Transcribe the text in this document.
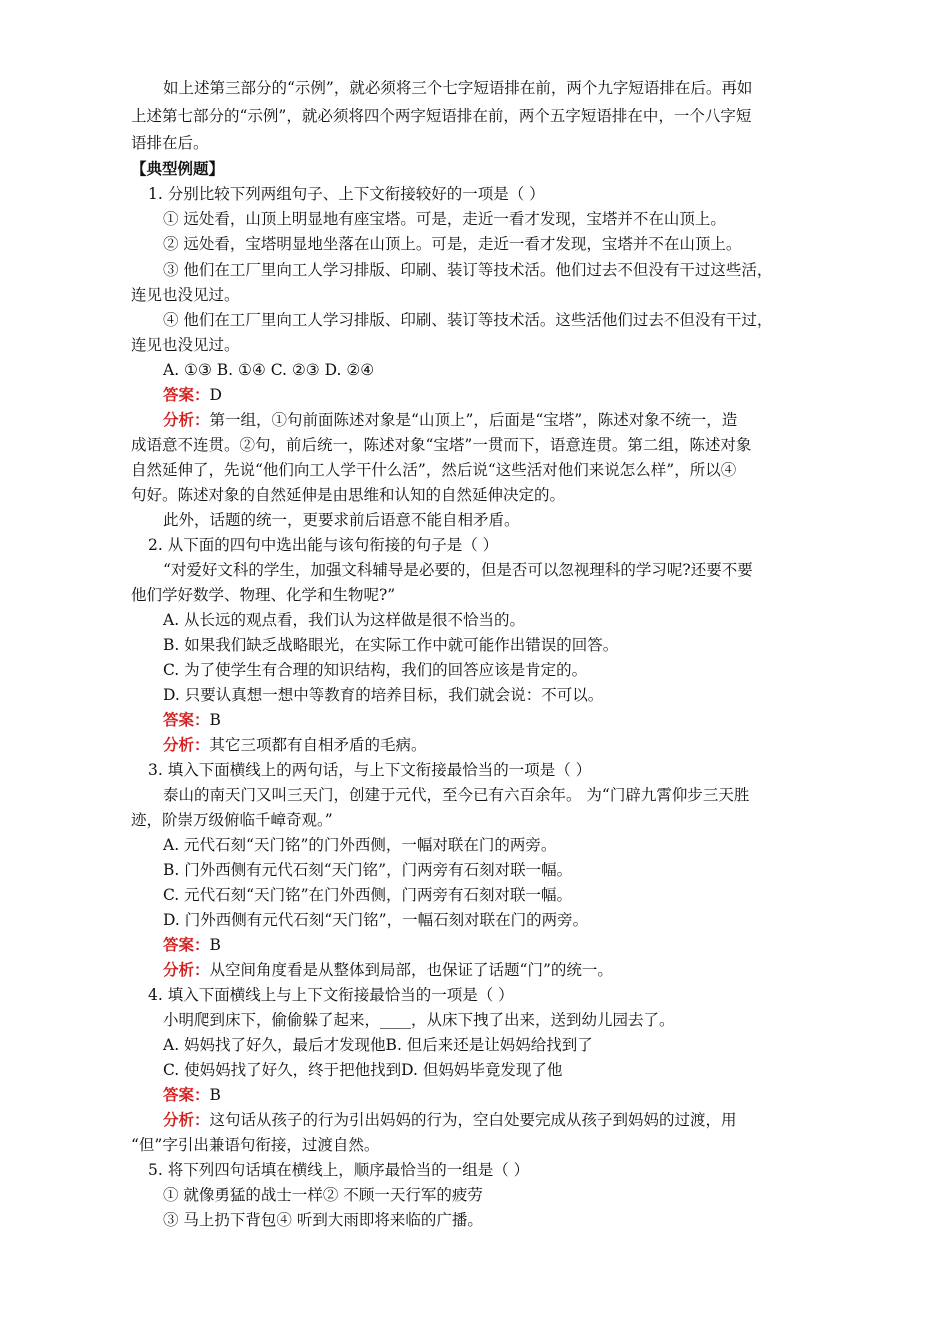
如上述第三部分的“示例”，就必须将三个七字短语排在前，两个九字短语排在后。再如
上述第七部分的“示例”，就必须将四个两字短语排在前，两个五字短语排在中，一个八字短
语排在后。
【典型例题】
1. 分别比较下列两组句子、上下文衔接较好的一项是（ ）
① 远处看，山顶上明显地有座宝塔。可是，走近一看才发现，宝塔并不在山顶上。
② 远处看，宝塔明显地坐落在山顶上。可是，走近一看才发现，宝塔并不在山顶上。
③ 他们在工厂里向工人学习排版、印刷、装订等技术活。他们过去不但没有干过这些活，
连见也没见过。
④ 他们在工厂里向工人学习排版、印刷、装订等技术活。这些活他们过去不但没有干过，
连见也没见过。
A. ①③ B. ①④ C. ②③ D. ②④
答案：D
分析：第一组，①句前面陈述对象是“山顶上”，后面是“宝塔”，陈述对象不统一，造
成语意不连贯。②句，前后统一，陈述对象“宝塔”一贯而下，语意连贯。第二组，陈述对象
自然延伸了，先说“他们向工人学干什么活”，然后说“这些活对他们来说怎么样”，所以④
句好。陈述对象的自然延伸是由思维和认知的自然延伸决定的。
此外，话题的统一，更要求前后语意不能自相矛盾。
2. 从下面的四句中选出能与该句衔接的句子是（ ）
“对爱好文科的学生，加强文科辅导是必要的，但是否可以忽视理科的学习呢?还要不要
他们学好数学、物理、化学和生物呢?”
A. 从长远的观点看，我们认为这样做是很不恰当的。
B. 如果我们缺乏战略眼光，在实际工作中就可能作出错误的回答。
C. 为了使学生有合理的知识结构，我们的回答应该是肯定的。
D. 只要认真想一想中等教育的培养目标，我们就会说：不可以。
答案：B
分析：其它三项都有自相矛盾的毛病。
3. 填入下面横线上的两句话，与上下文衔接最恰当的一项是（ ）
泰山的南天门又叫三天门，创建于元代，至今已有六百余年。 为“门辟九霄仰步三天胜
迹，阶崇万级俯临千嶂奇观。”
A. 元代石刻“天门铭”的门外西侧，一幅对联在门的两旁。
B. 门外西侧有元代石刻“天门铭”，门两旁有石刻对联一幅。
C. 元代石刻“天门铭”在门外西侧，门两旁有石刻对联一幅。
D. 门外西侧有元代石刻“天门铭”，一幅石刻对联在门的两旁。
答案：B
分析：从空间角度看是从整体到局部，也保证了话题“门”的统一。
4. 填入下面横线上与上下文衔接最恰当的一项是（ ）
小明爬到床下，偷偷躲了起来，____，从床下拽了出来，送到幼儿园去了。
A. 妈妈找了好久，最后才发现他B. 但后来还是让妈妈给找到了
C. 使妈妈找了好久，终于把他找到D. 但妈妈毕竟发现了他
答案：B
分析：这句话从孩子的行为引出妈妈的行为，空白处要完成从孩子到妈妈的过渡，用
“但”字引出兼语句衔接，过渡自然。
5. 将下列四句话填在横线上，顺序最恰当的一组是（ ）
① 就像勇猛的战士一样② 不顾一天行军的疲劳
③ 马上扔下背包④ 听到大雨即将来临的广播。
